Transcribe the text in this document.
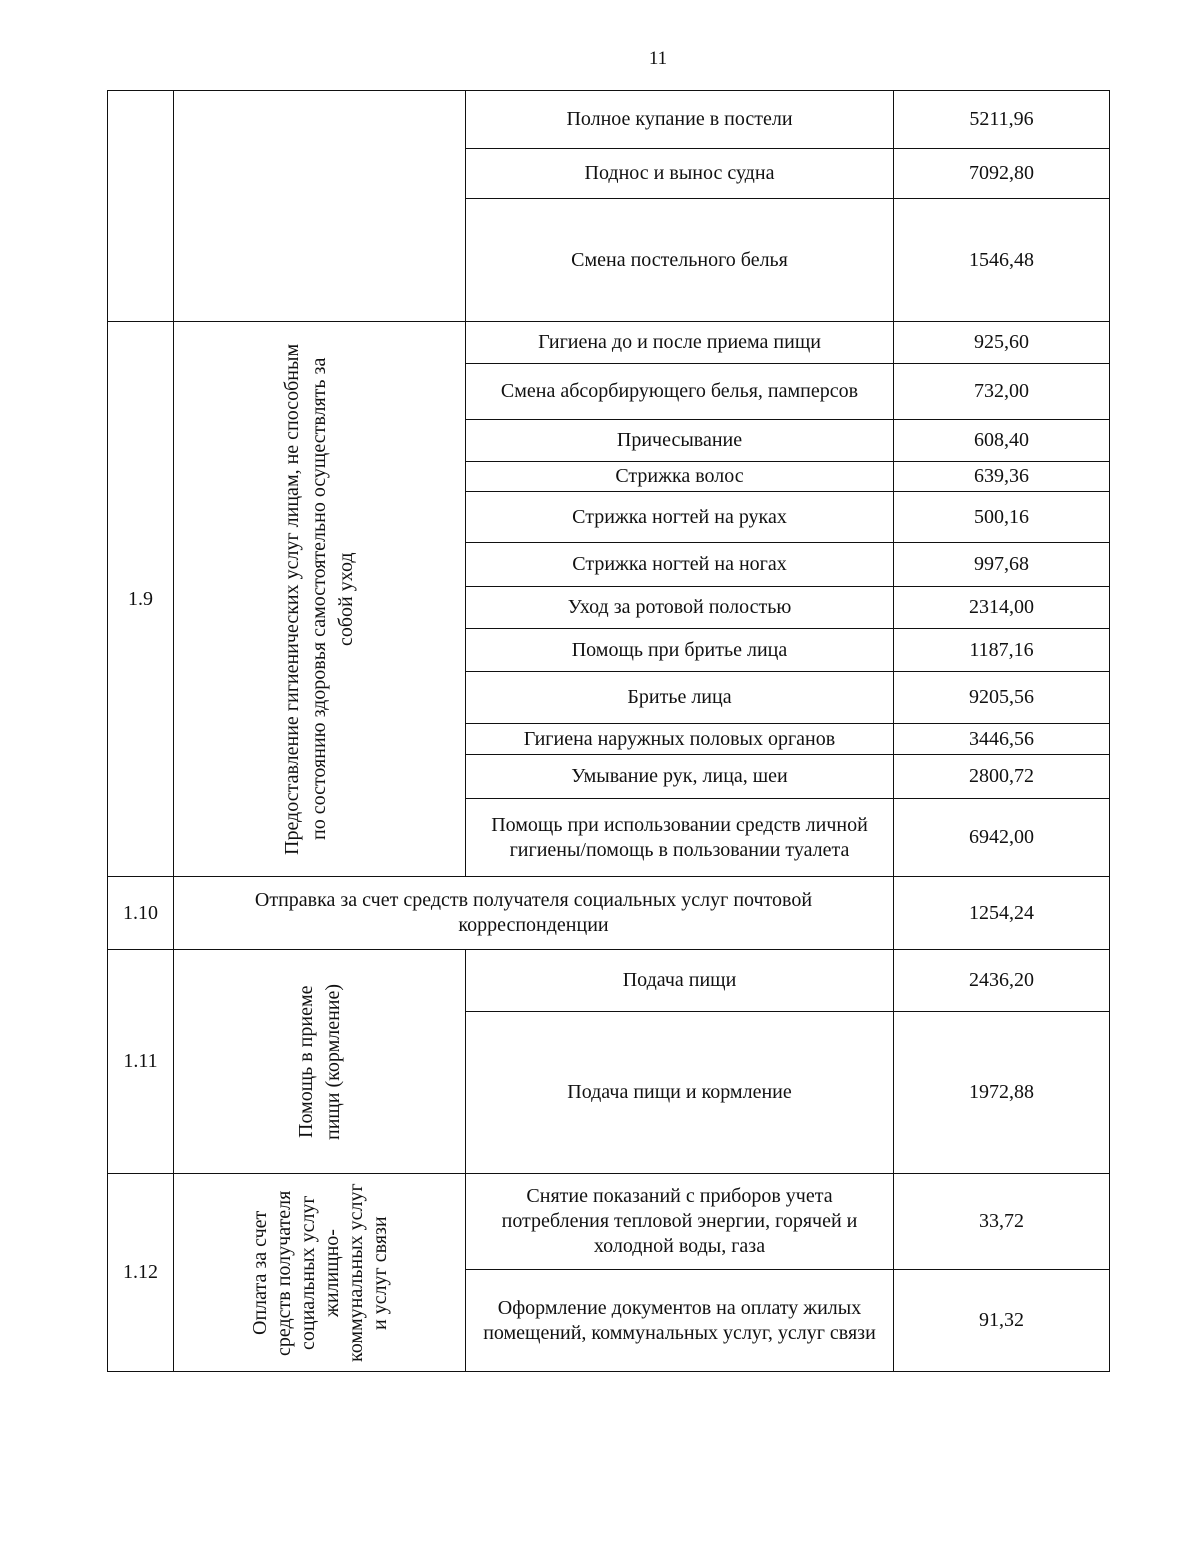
11
		Полное купание в постели	5211,96
		Поднос и вынос судна	7092,80
		Смена постельного белья	1546,48
1.9	Предоставление гигиенических услуг лицам, не способным по состоянию здоровья самостоятельно осуществлять за собой уход	Гигиена до и после приема пищи	925,60
		Смена абсорбирующего белья, памперсов	732,00
		Причесывание	608,40
		Стрижка волос	639,36
		Стрижка ногтей на руках	500,16
		Стрижка ногтей на ногах	997,68
		Уход за ротовой полостью	2314,00
		Помощь при бритье лица	1187,16
		Бритье лица	9205,56
		Гигиена наружных половых органов	3446,56
		Умывание рук, лица, шеи	2800,72
		Помощь при использовании средств личной гигиены/помощь в пользовании туалета	6942,00
1.10	Отправка за счет средств получателя социальных услуг почтовой корреспонденции		1254,24
1.11	Помощь в приеме пищи (кормление)	Подача пищи	2436,20
		Подача пищи и кормление	1972,88
1.12	Оплата за счет средств получателя социальных услуг жилищно-коммунальных услуг и услуг связи	Снятие показаний с приборов учета потребления тепловой энергии, горячей и холодной воды, газа	33,72
		Оформление документов на оплату жилых помещений, коммунальных услуг, услуг связи	91,32
